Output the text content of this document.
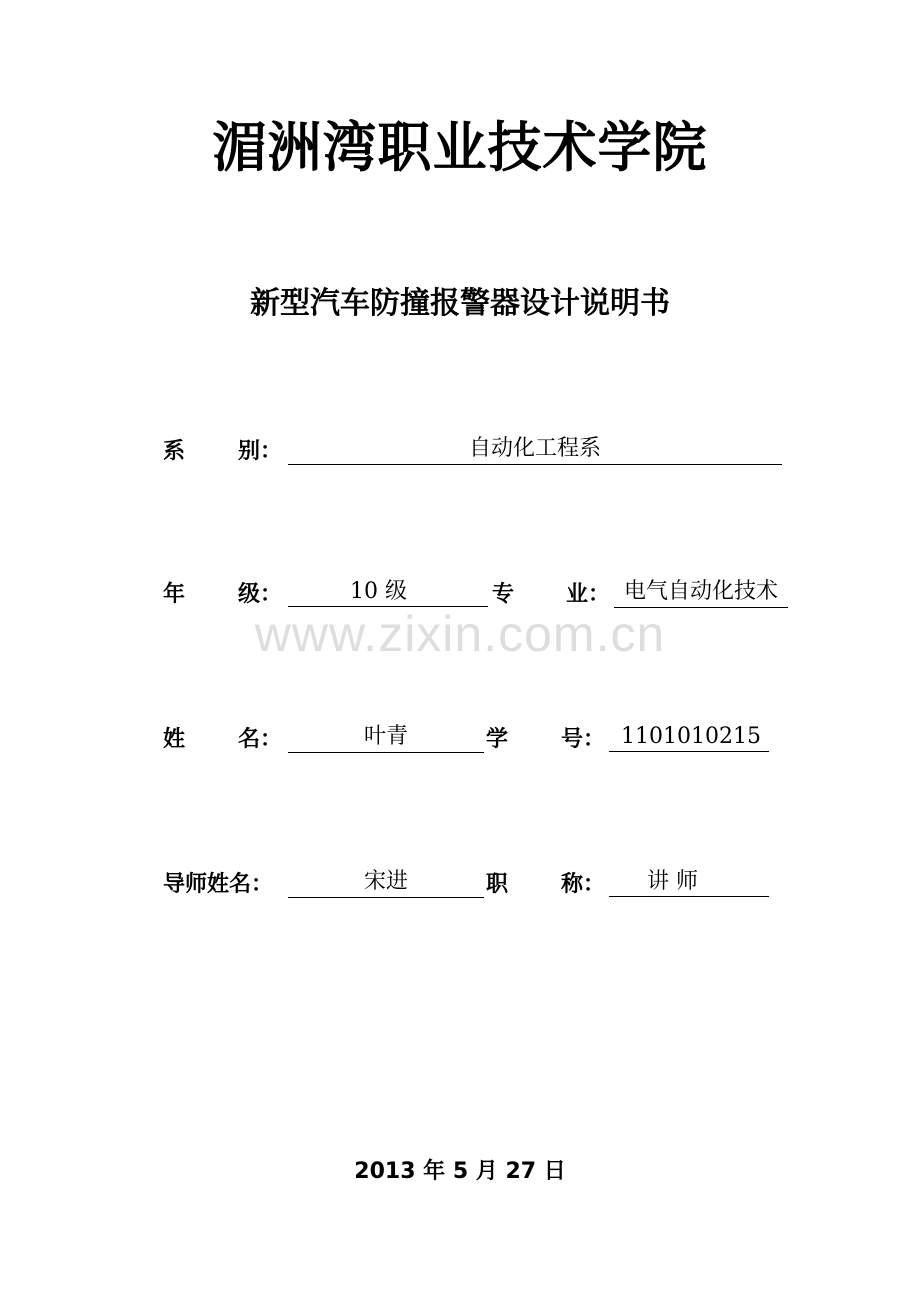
湄洲湾职业技术学院
新型汽车防撞报警器设计说明书
系 别：	自动化工程系
年 级：	10 级	专 业： 电气自动化技术
www.zixin.com.cn
姓 名：	叶青	学 号： 1101010215
导师姓名：	宋进	职 称：	讲 师
2013 年 5 月 27 日
